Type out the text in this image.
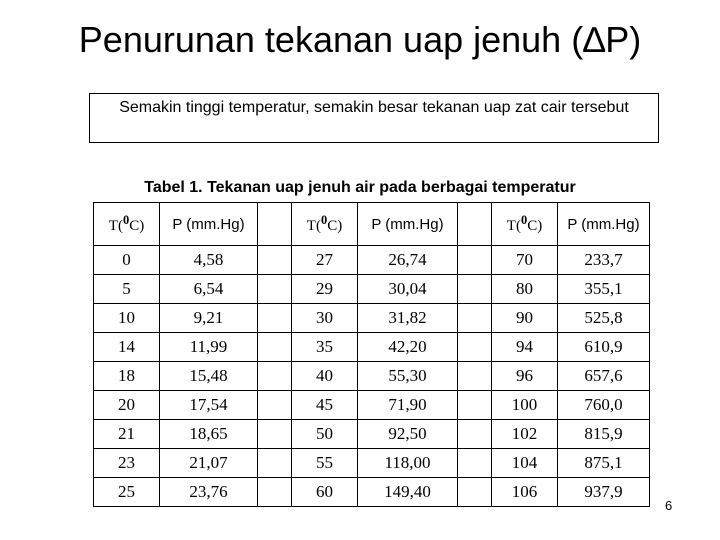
Penurunan tekanan uap jenuh (∆P)
Semakin tinggi temperatur, semakin besar tekanan uap zat cair tersebut
Tabel 1. Tekanan uap jenuh air pada berbagai temperatur
T($^0$C)	P (mm.Hg)		T($^0$C)	P (mm.Hg)		T($^0$C)	P (mm.Hg)
0	4,58		27	26,74		70	233,7
5	6,54		29	30,04		80	355,1
10	9,21		30	31,82		90	525,8
14	11,99		35	42,20		94	610,9
18	15,48		40	55,30		96	657,6
20	17,54		45	71,90		100	760,0
21	18,65		50	92,50		102	815,9
23	21,07		55	118,00		104	875,1
25	23,76		60	149,40		106	937,9
6
